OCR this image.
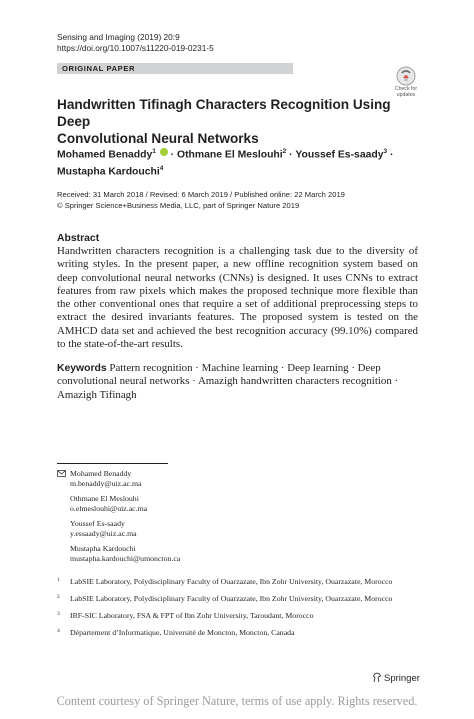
Sensing and Imaging (2019) 20:9
https://doi.org/10.1007/s11220-019-0231-5
ORIGINAL PAPER
Check for
updates
Handwritten Tifinagh Characters Recognition Using Deep
Convolutional Neural Networks
Mohamed Benaddy$^1$  · Othmane El Meslouhi$^2$ · Youssef Es-saady$^3$ ·
Mustapha Kardouchi$^4$
Received: 31 March 2018 / Revised: 6 March 2019 / Published online: 22 March 2019
© Springer Science+Business Media, LLC, part of Springer Nature 2019
Abstract
Handwritten characters recognition is a challenging task due to the diversity of writing styles. In the present paper, a new offline recognition system based on deep convolutional neural networks (CNNs) is designed. It uses CNNs to extract features from raw pixels which makes the proposed technique more flexible than the other conventional ones that require a set of additional preprocessing steps to extract the desired invariants features. The proposed system is tested on the AMHCD data set and achieved the best recognition accuracy (99.10%) compared to the state-of-the-art results.
Keywords Pattern recognition · Machine learning · Deep learning · Deep convolutional neural networks · Amazigh handwritten characters recognition · Amazigh Tifinagh
Mohamed Benaddy
m.benaddy@uiz.ac.ma
Othmane El Meslouhi
o.elmeslouhi@uiz.ac.ma
Youssef Es-saady
y.essaady@uiz.ac.ma
Mustapha Kardouchi
mustapha.kardouchi@umoncton.ca
1 LabSIE Laboratory, Polydisciplinary Faculty of Ouarzazate, Ibn Zohr University, Ouarzazate, Morocco
2 LabSIE Laboratory, Polydisciplinary Faculty of Ouarzazate, Ibn Zohr University, Ouarzazate, Morocco
3 IRF-SIC Laboratory, FSA & FPT of Ibn Zohr University, Taroudant, Morocco
4 Département d’Informatique, Université de Moncton, Moncton, Canada
Springer
Content courtesy of Springer Nature, terms of use apply. Rights reserved.
